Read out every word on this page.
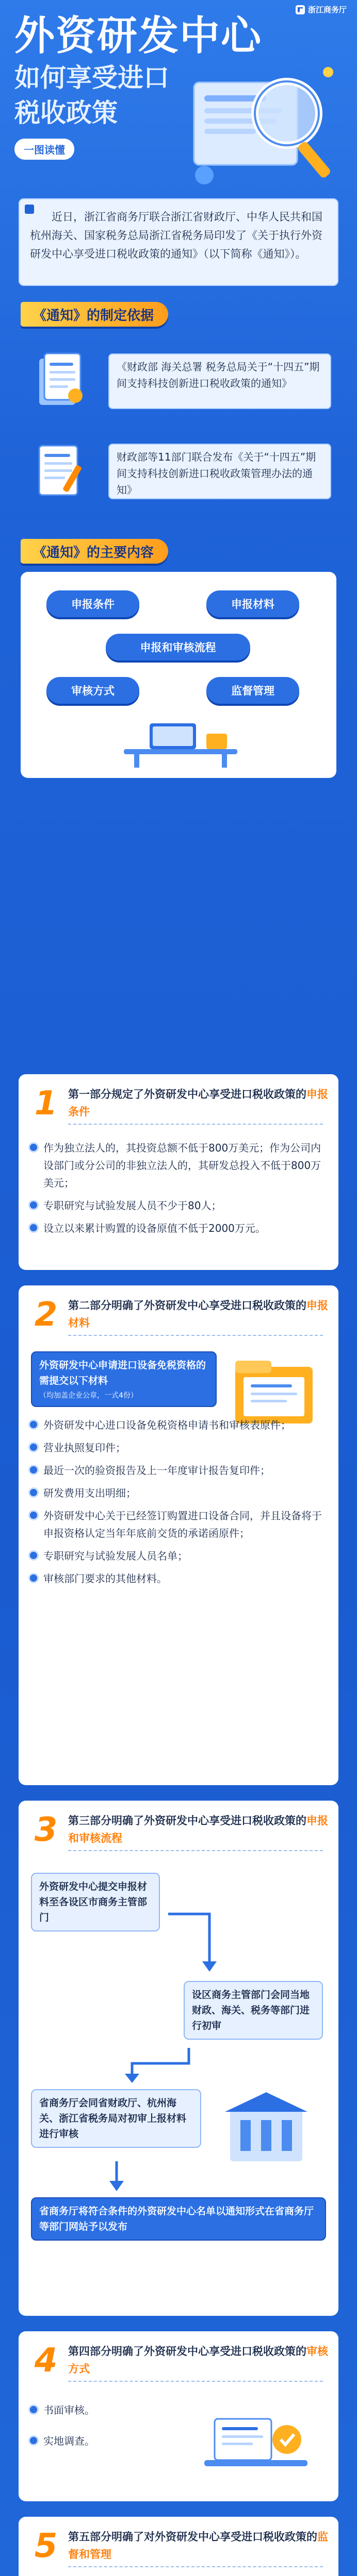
浙江商务厅
外资研发中心
如何享受进口
税收政策
一图读懂
近日，浙江省商务厅联合浙江省财政厅、中华人民共和国杭州海关、国家税务总局浙江省税务局印发了《关于执行外资研发中心享受进口税收政策的通知》（以下简称《通知》）。
《通知》的制定依据
《财政部 海关总署 税务总局关于“十四五”期间支持科技创新进口税收政策的通知》
财政部等11部门联合发布《关于“十四五”期间支持科技创新进口税收政策管理办法的通知》
《通知》的主要内容
申报条件	申报材料
申报和审核流程
审核方式	监督管理
1 第一部分规定了外资研发中心享受进口税收政策的申报条件
作为独立法人的，其投资总额不低于800万美元；作为公司内设部门或分公司的非独立法人的，其研发总投入不低于800万美元；
专职研究与试验发展人员不少于80人；
设立以来累计购置的设备原值不低于2000万元。
2 第二部分明确了外资研发中心享受进口税收政策的申报材料
外资研发中心申请进口设备免税资格的需提交以下材料
（均加盖企业公章，一式4份）
外资研发中心进口设备免税资格申请书和审核表原件；
营业执照复印件；
最近一次的验资报告及上一年度审计报告复印件；
研发费用支出明细；
外资研发中心关于已经签订购置进口设备合同，并且设备将于申报资格认定当年年底前交货的承诺函原件；
专职研究与试验发展人员名单；
审核部门要求的其他材料。
3 第三部分明确了外资研发中心享受进口税收政策的申报和审核流程
外资研发中心提交申报材料至各设区市商务主管部门
设区商务主管部门会同当地财政、海关、税务等部门进行初审
省商务厅会同省财政厅、杭州海关、浙江省税务局对初审上报材料进行审核
省商务厅将符合条件的外资研发中心名单以通知形式在省商务厅等部门网站予以发布
4 第四部分明确了外资研发中心享受进口税收政策的审核方式
书面审核。
实地调查。
5 第五部分明确了对外资研发中心享受进口税收政策的监督和管理
